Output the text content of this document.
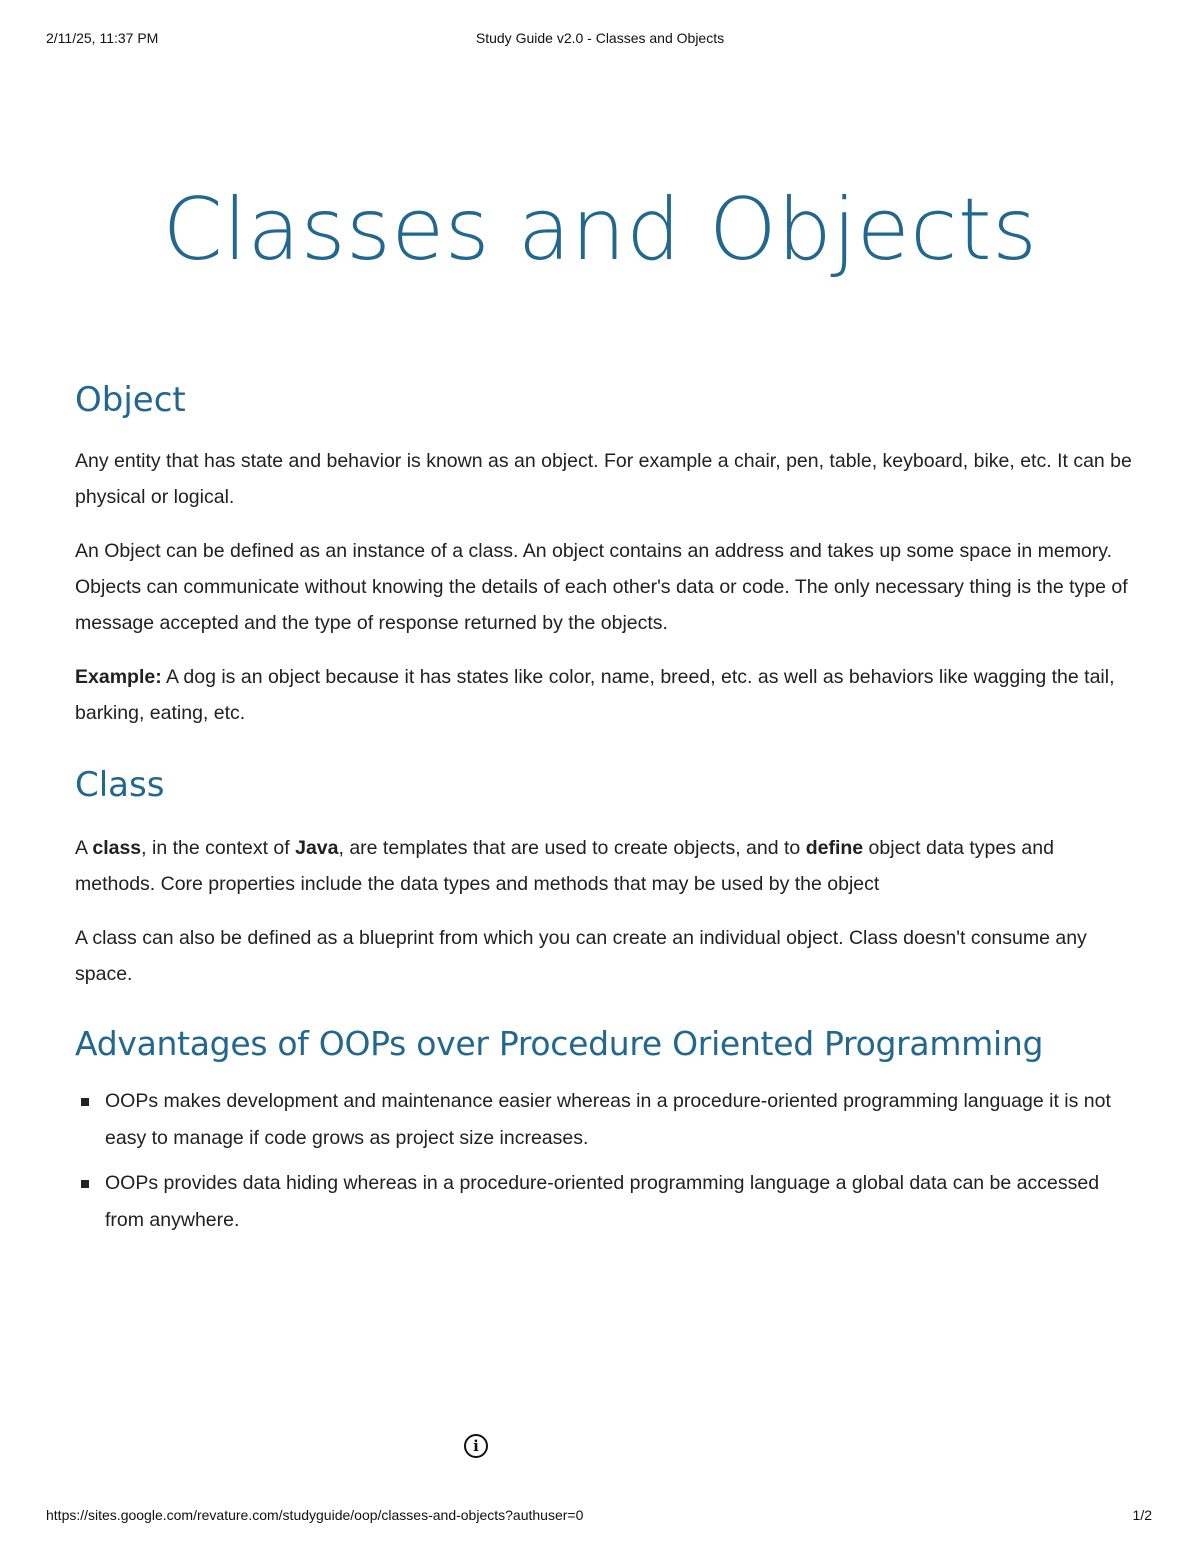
2/11/25, 11:37 PM	Study Guide v2.0 - Classes and Objects
Classes and Objects
Object

Any entity that has state and behavior is known as an object. For example a chair, pen, table, keyboard, bike, etc. It can be physical or logical.

An Object can be defined as an instance of a class. An object contains an address and takes up some space in memory. Objects can communicate without knowing the details of each other's data or code. The only necessary thing is the type of message accepted and the type of response returned by the objects.

Example: A dog is an object because it has states like color, name, breed, etc. as well as behaviors like wagging the tail, barking, eating, etc.

Class

A class, in the context of Java, are templates that are used to create objects, and to define object data types and methods. Core properties include the data types and methods that may be used by the object

A class can also be defined as a blueprint from which you can create an individual object. Class doesn't consume any space.

Advantages of OOPs over Procedure Oriented Programming
OOPs makes development and maintenance easier whereas in a procedure-oriented programming language it is not easy to manage if code grows as project size increases.
OOPs provides data hiding whereas in a procedure-oriented programming language a global data can be accessed from anywhere.
i
https://sites.google.com/revature.com/studyguide/oop/classes-and-objects?authuser=0	1/2
